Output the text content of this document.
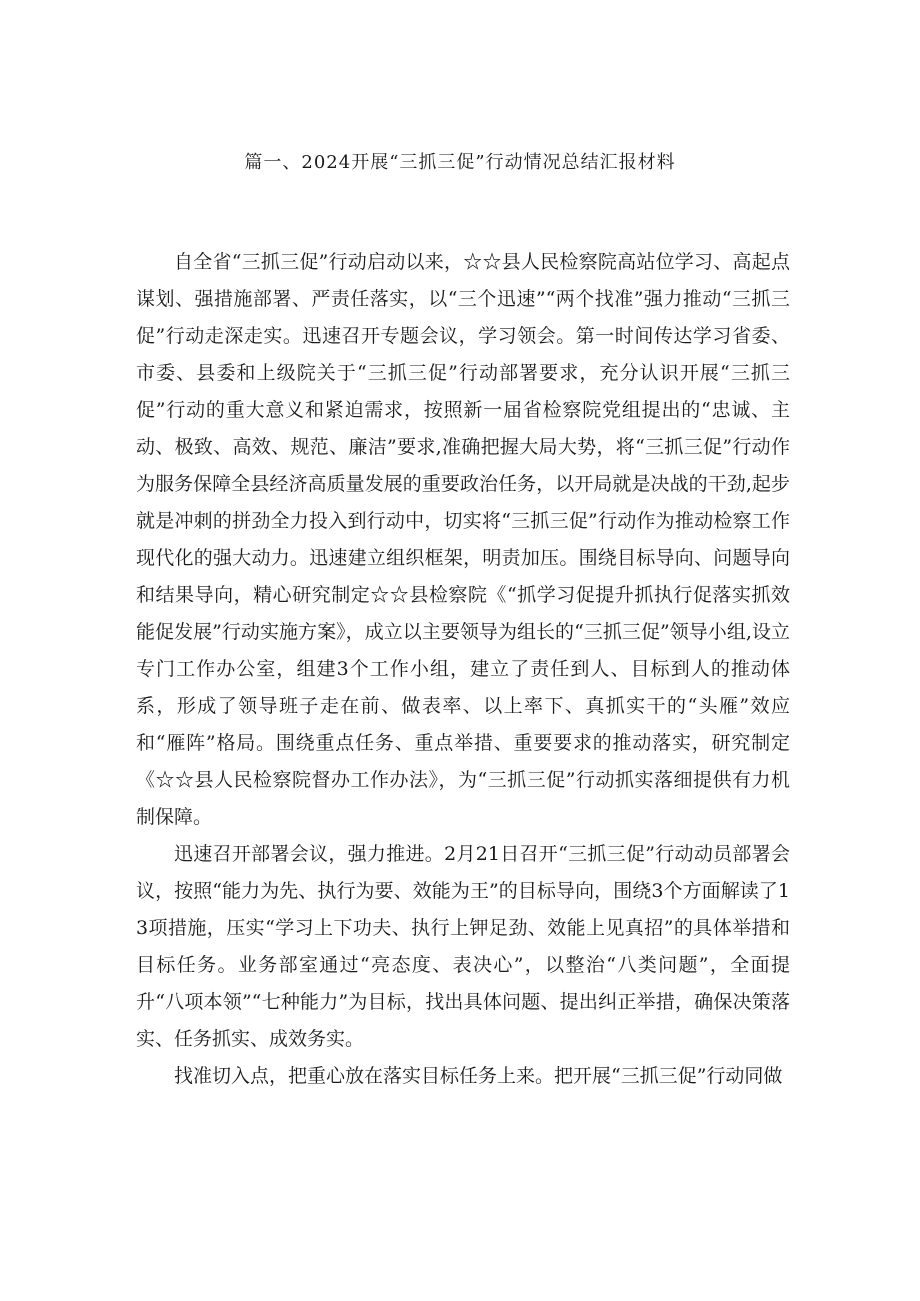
篇一、2024开展“三抓三促”行动情况总结汇报材料

自全省“三抓三促”行动启动以来，☆☆县人民检察院高站位学习、高起点谋划、强措施部署、严责任落实，以“三个迅速”“两个找准”强力推动“三抓三促”行动走深走实。迅速召开专题会议，学习领会。第一时间传达学习省委、市委、县委和上级院关于“三抓三促”行动部署要求，充分认识开展“三抓三促”行动的重大意义和紧迫需求，按照新一届省检察院党组提出的“忠诚、主动、极致、高效、规范、廉洁”要求,准确把握大局大势，将“三抓三促”行动作为服务保障全县经济高质量发展的重要政治任务，以开局就是决战的干劲,起步就是冲刺的拼劲全力投入到行动中，切实将“三抓三促”行动作为推动检察工作现代化的强大动力。迅速建立组织框架，明责加压。围绕目标导向、问题导向和结果导向，精心研究制定☆☆县检察院《“抓学习促提升抓执行促落实抓效能促发展”行动实施方案》，成立以主要领导为组长的“三抓三促”领导小组,设立专门工作办公室，组建3个工作小组，建立了责任到人、目标到人的推动体系，形成了领导班子走在前、做表率、以上率下、真抓实干的“头雁”效应和“雁阵”格局。围绕重点任务、重点举措、重要要求的推动落实，研究制定《☆☆县人民检察院督办工作办法》，为“三抓三促”行动抓实落细提供有力机制保障。

迅速召开部署会议，强力推进。2月21日召开“三抓三促”行动动员部署会议，按照“能力为先、执行为要、效能为王”的目标导向，围绕3个方面解读了13项措施，压实“学习上下功夫、执行上钾足劲、效能上见真招”的具体举措和目标任务。业务部室通过“亮态度、表决心”，以整治“八类问题”，全面提升“八项本领”“七种能力”为目标，找出具体问题、提出纠正举措，确保决策落实、任务抓实、成效务实。

找准切入点，把重心放在落实目标任务上来。把开展“三抓三促”行动同做
